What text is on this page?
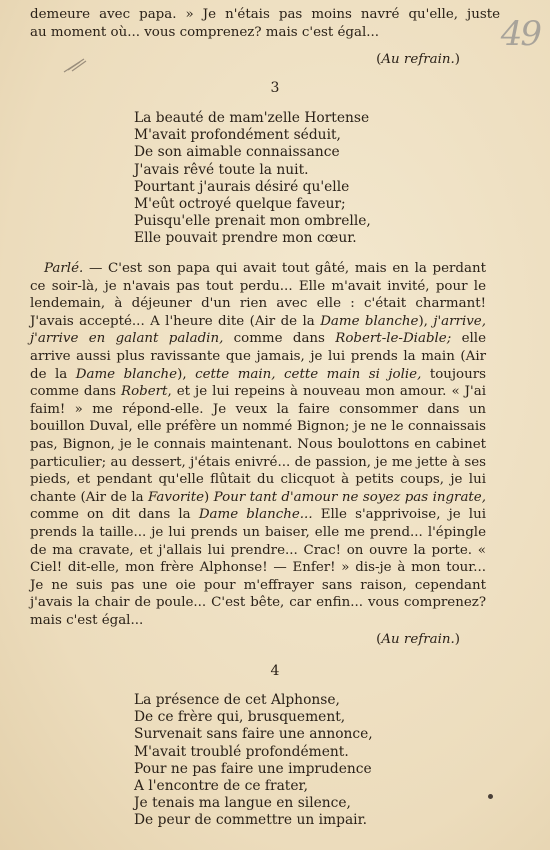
49

demeure avec papa. » Je n'étais pas moins navré qu'elle, juste

au moment où... vous comprenez? mais c'est égal...

(Au refrain.)
3
La beauté de mam'zelle Hortense
M'avait profondément séduit,
De son aimable connaissance
J'avais rêvé toute la nuit.
Pourtant j'aurais désiré qu'elle
M'eût octroyé quelque faveur;
Puisqu'elle prenait mon ombrelle,
Elle pouvait prendre mon cœur.

Parlé. — C'est son papa qui avait tout gâté, mais en la perdant ce soir-là, je n'avais pas tout perdu... Elle m'avait invité, pour le lendemain, à déjeuner d'un rien avec elle : c'était charmant! J'avais accepté... A l'heure dite (Air de la Dame blanche), j'arrive, j'arrive en galant paladin, comme dans Robert-le-Diable; elle arrive aussi plus ravissante que jamais, je lui prends la main (Air de la Dame blanche), cette main, cette main si jolie, toujours comme dans Robert, et je lui repeins à nouveau mon amour. « J'ai faim! » me répond-elle. Je veux la faire consommer dans un bouillon Duval, elle préfère un nommé Bignon; je ne le connaissais pas, Bignon, je le connais maintenant. Nous boulottons en cabinet particulier; au dessert, j'étais enivré... de passion, je me jette à ses pieds, et pendant qu'elle flûtait du clicquot à petits coups, je lui chante (Air de la Favorite) Pour tant d'amour ne soyez pas ingrate, comme on dit dans la Dame blanche... Elle s'apprivoise, je lui prends la taille... je lui prends un baiser, elle me prend... l'épingle de ma cravate, et j'allais lui prendre... Crac! on ouvre la porte. « Ciel! dit-elle, mon frère Alphonse! — Enfer! » dis-je à mon tour... Je ne suis pas une oie pour m'effrayer sans raison, cependant j'avais la chair de poule... C'est bête, car enfin... vous comprenez? mais c'est égal...

(Au refrain.)
4
La présence de cet Alphonse,
De ce frère qui, brusquement,
Survenait sans faire une annonce,
M'avait troublé profondément.
Pour ne pas faire une imprudence
A l'encontre de ce frater,
Je tenais ma langue en silence,
De peur de commettre un impair.
